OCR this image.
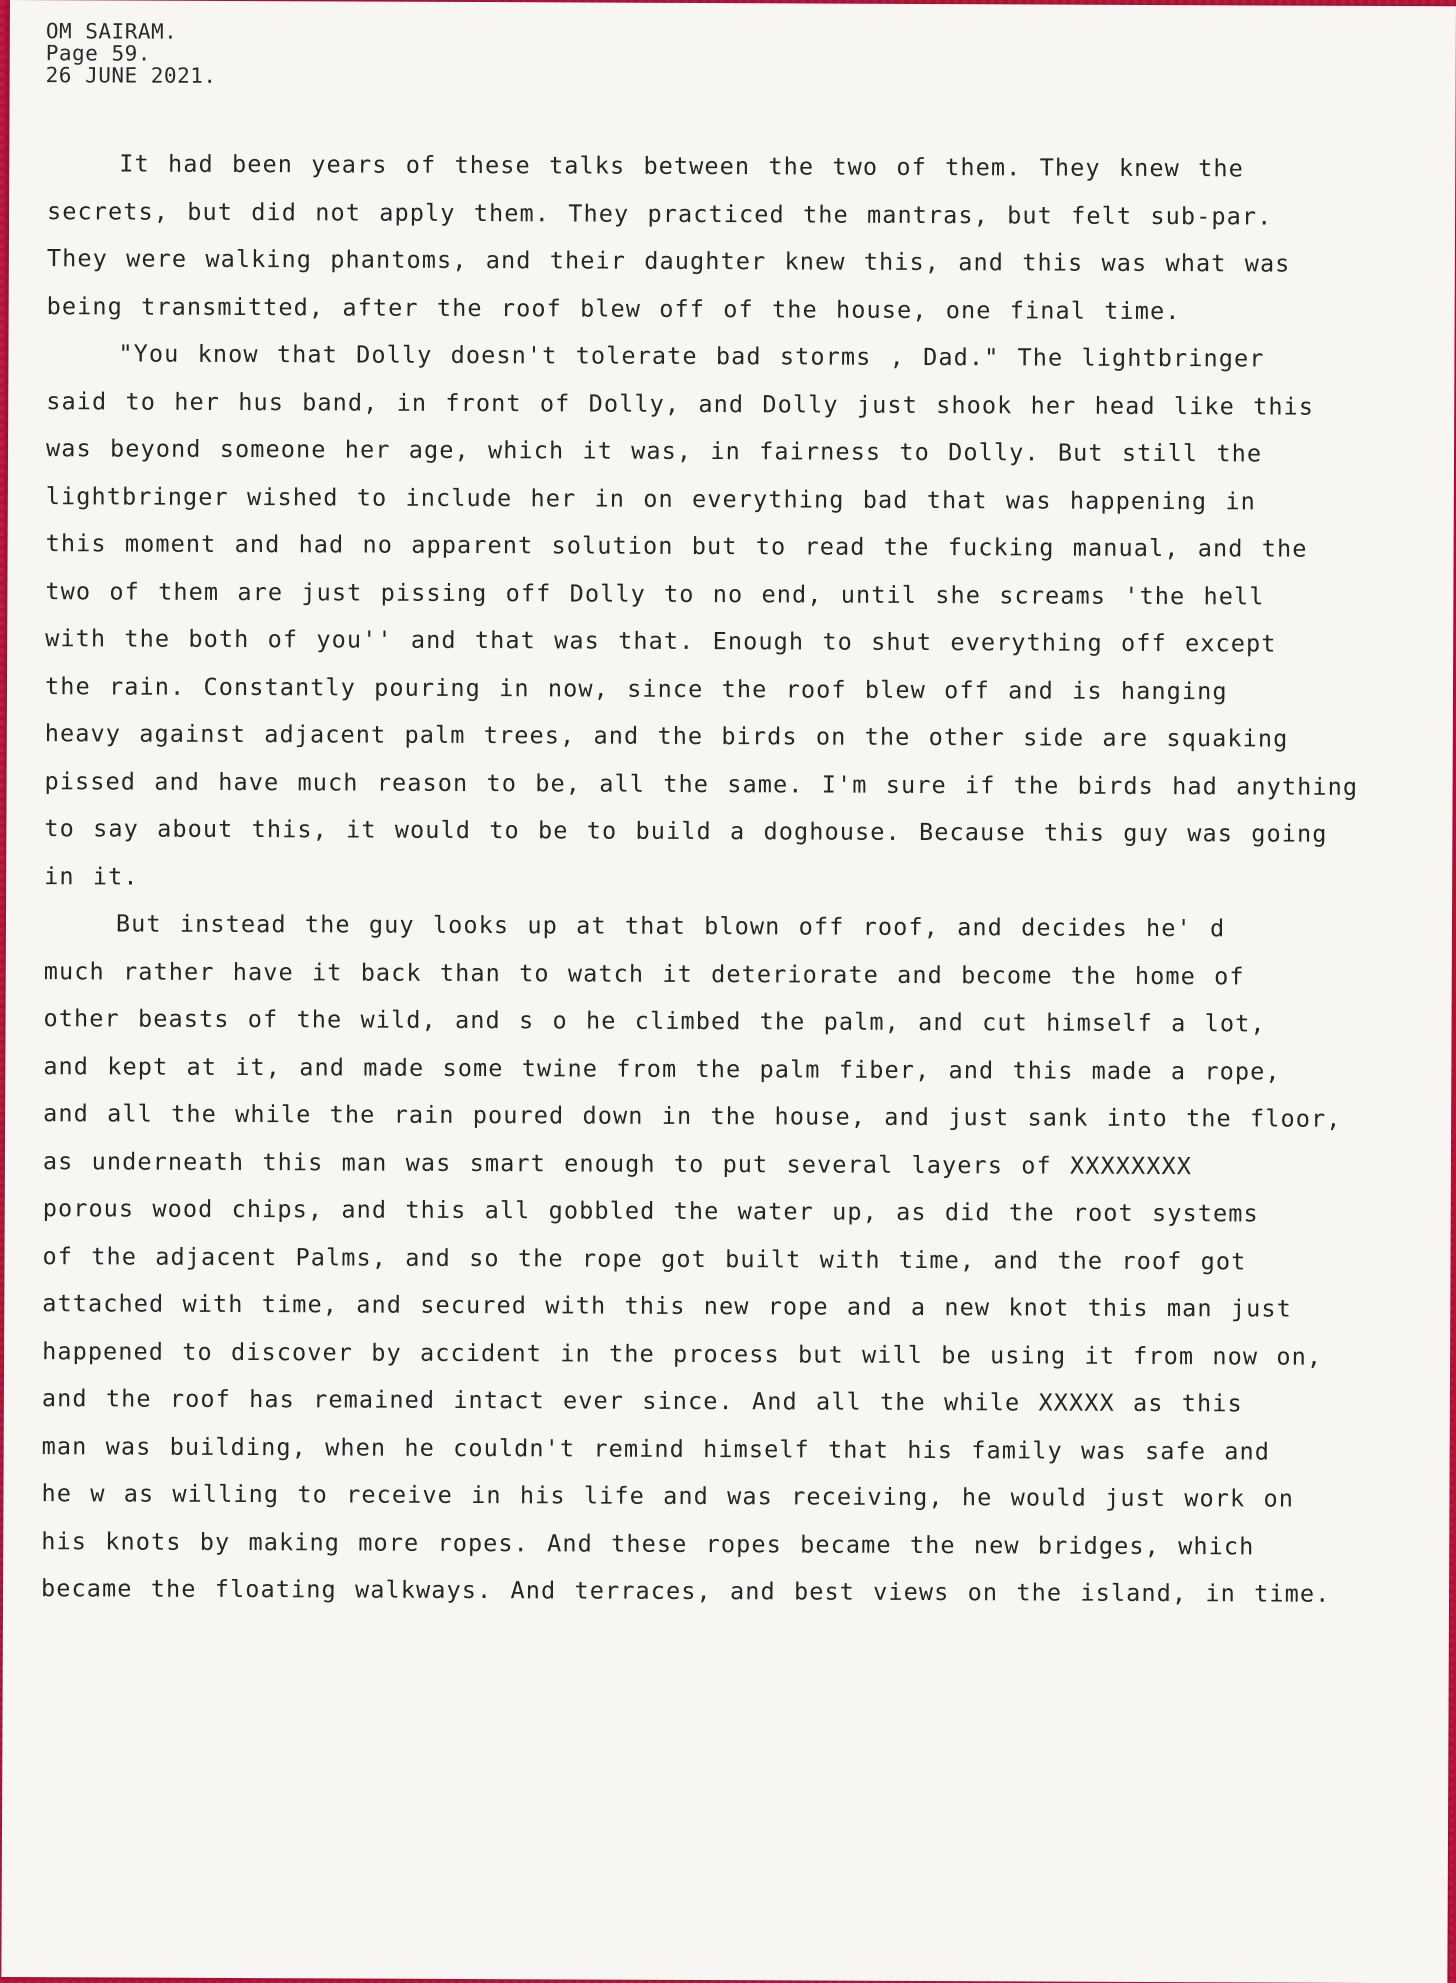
OM SAIRAM.
Page 59.
26 JUNE 2021.
It had been years of these talks between the two of them. They knew the
secrets, but did not apply them. They practiced the mantras, but felt sub-par.
They were walking phantoms, and their daughter knew this, and this was what was
being transmitted, after the roof blew off of the house, one final time.
"You know that Dolly doesn't tolerate bad storms , Dad." The lightbringer
said to her hus band, in front of Dolly, and Dolly just shook her head like this
was beyond someone her age, which it was, in fairness to Dolly. But still the
lightbringer wished to include her in on everything bad that was happening in
this moment and had no apparent solution but to read the fucking manual, and the
two of them are just pissing off Dolly to no end, until she screams 'the hell
with the both of you'' and that was that. Enough to shut everything off except
the rain. Constantly pouring in now, since the roof blew off and is hanging
heavy against adjacent palm trees, and the birds on the other side are squaking
pissed and have much reason to be, all the same. I'm sure if the birds had anything
to say about this, it would to be to build a doghouse. Because this guy was going
in it.
But instead the guy looks up at that blown off roof, and decides he' d
much rather have it back than to watch it deteriorate and become the home of
other beasts of the wild, and s o he climbed the palm, and cut himself a lot,
and kept at it, and made some twine from the palm fiber, and this made a rope,
and all the while the rain poured down in the house, and just sank into the floor,
as underneath this man was smart enough to put several layers of XXXXXXXX
porous wood chips, and this all gobbled the water up, as did the root systems
of the adjacent Palms, and so the rope got built with time, and the roof got
attached with time, and secured with this new rope and a new knot this man just
happened to discover by accident in the process but will be using it from now on,
and the roof has remained intact ever since. And all the while XXXXX as this
man was building, when he couldn't remind himself that his family was safe and
he w as willing to receive in his life and was receiving, he would just work on
his knots by making more ropes. And these ropes became the new bridges, which
became the floating walkways. And terraces, and best views on the island, in time.
